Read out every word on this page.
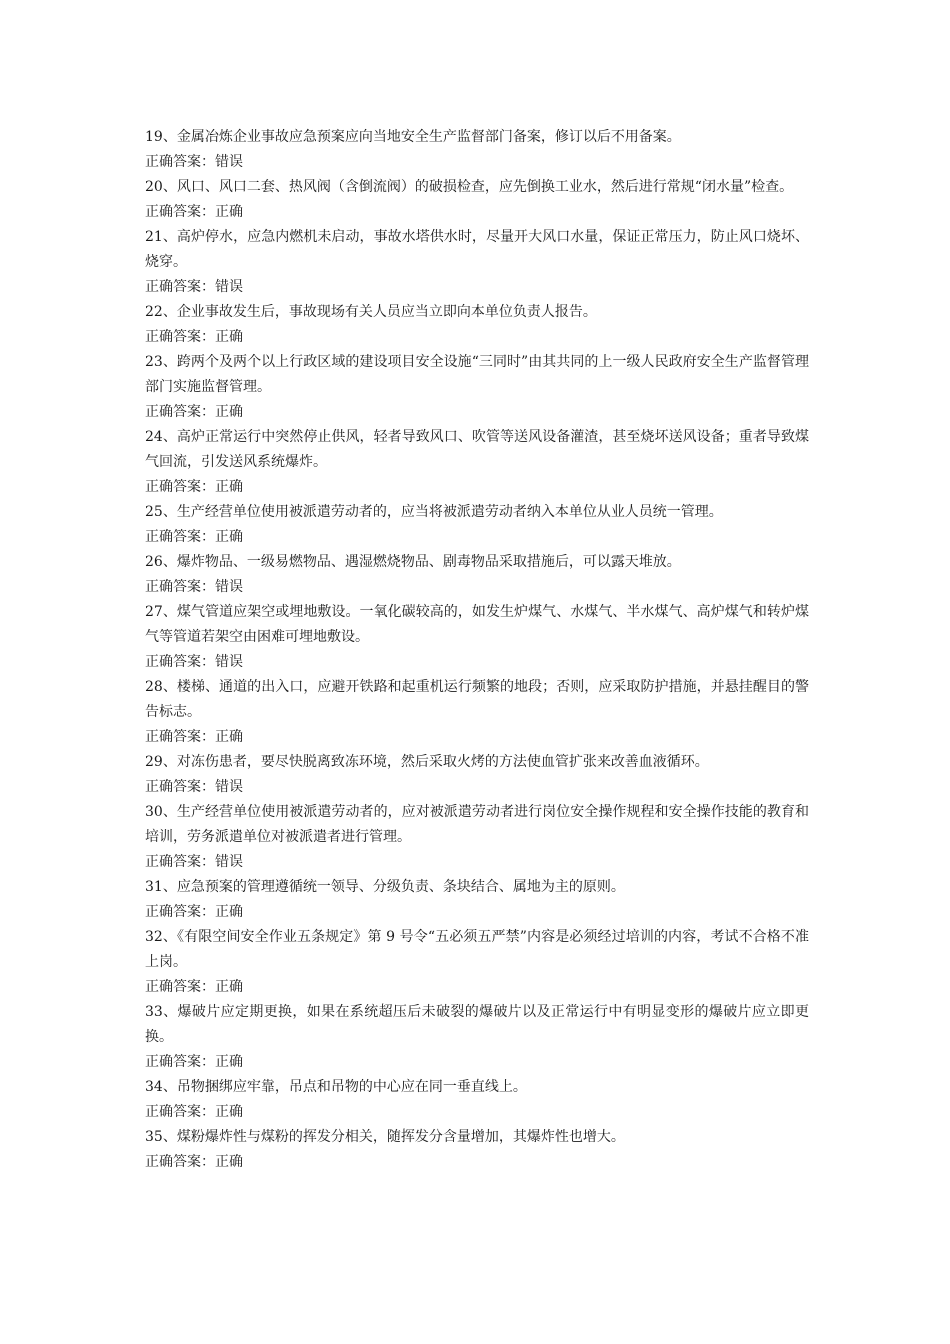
19、金属冶炼企业事故应急预案应向当地安全生产监督部门备案，修订以后不用备案。

正确答案：错误

20、风口、风口二套、热风阀（含倒流阀）的破损检查，应先倒换工业水，然后进行常规“闭水量”检查。

正确答案：正确

21、高炉停水，应急内燃机未启动，事故水塔供水时，尽量开大风口水量，保证正常压力，防止风口烧坏、烧穿。

正确答案：错误

22、企业事故发生后，事故现场有关人员应当立即向本单位负责人报告。

正确答案：正确

23、跨两个及两个以上行政区域的建设项目安全设施“三同时”由其共同的上一级人民政府安全生产监督管理部门实施监督管理。

正确答案：正确

24、高炉正常运行中突然停止供风，轻者导致风口、吹管等送风设备灌渣，甚至烧坏送风设备；重者导致煤气回流，引发送风系统爆炸。

正确答案：正确

25、生产经营单位使用被派遣劳动者的，应当将被派遣劳动者纳入本单位从业人员统一管理。

正确答案：正确

26、爆炸物品、一级易燃物品、遇湿燃烧物品、剧毒物品采取措施后，可以露天堆放。

正确答案：错误

27、煤气管道应架空或埋地敷设。一氧化碳较高的，如发生炉煤气、水煤气、半水煤气、高炉煤气和转炉煤气等管道若架空由困难可埋地敷设。

正确答案：错误

28、楼梯、通道的出入口，应避开铁路和起重机运行频繁的地段；否则，应采取防护措施，并悬挂醒目的警告标志。

正确答案：正确

29、对冻伤患者，要尽快脱离致冻环境，然后采取火烤的方法使血管扩张来改善血液循环。

正确答案：错误

30、生产经营单位使用被派遣劳动者的，应对被派遣劳动者进行岗位安全操作规程和安全操作技能的教育和培训，劳务派遣单位对被派遣者进行管理。

正确答案：错误

31、应急预案的管理遵循统一领导、分级负责、条块结合、属地为主的原则。

正确答案：正确

32、《有限空间安全作业五条规定》第 9 号令“五必须五严禁”内容是必须经过培训的内容，考试不合格不准上岗。

正确答案：正确

33、爆破片应定期更换，如果在系统超压后未破裂的爆破片以及正常运行中有明显变形的爆破片应立即更换。

正确答案：正确

34、吊物捆绑应牢靠，吊点和吊物的中心应在同一垂直线上。

正确答案：正确

35、煤粉爆炸性与煤粉的挥发分相关，随挥发分含量增加，其爆炸性也增大。

正确答案：正确
